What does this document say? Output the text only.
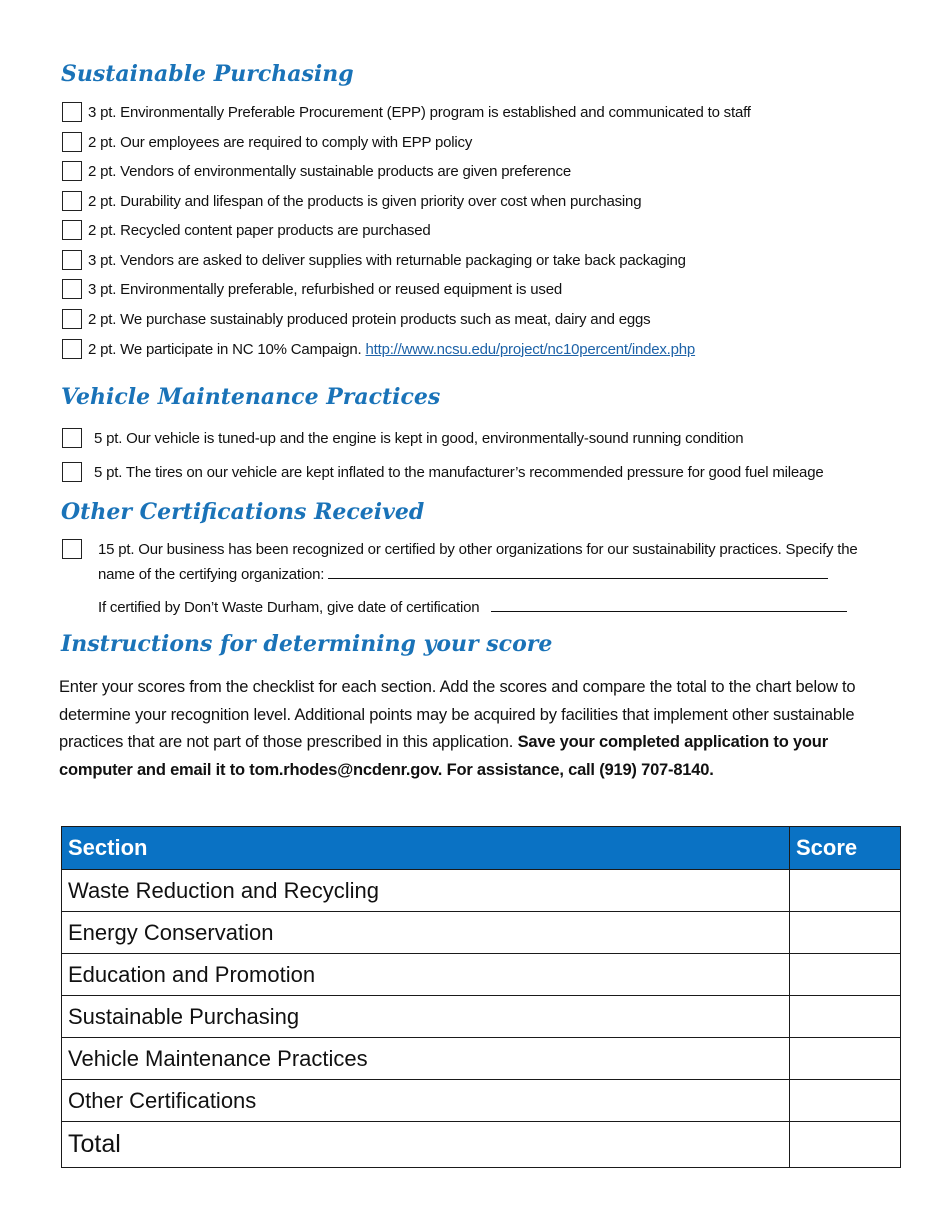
Sustainable Purchasing
3 pt. Environmentally Preferable Procurement (EPP) program is established and communicated to staff
2 pt. Our employees are required to comply with EPP policy
2 pt. Vendors of environmentally sustainable products are given preference
2 pt. Durability and lifespan of the products is given priority over cost when purchasing
2 pt. Recycled content paper products are purchased
3 pt. Vendors are asked to deliver supplies with returnable packaging or take back packaging
3 pt. Environmentally preferable, refurbished or reused equipment is used
2 pt. We purchase sustainably produced protein products such as meat, dairy and eggs
2 pt. We participate in NC 10% Campaign. http://www.ncsu.edu/project/nc10percent/index.php
Vehicle Maintenance Practices
5 pt. Our vehicle is tuned-up and the engine is kept in good, environmentally-sound running condition
5 pt. The tires on our vehicle are kept inflated to the manufacturer’s recommended pressure for good fuel mileage
Other Certifications Received
15 pt. Our business has been recognized or certified by other organizations for our sustainability practices. Specify the name of the certifying organization:
If certified by Don’t Waste Durham, give date of certification
Instructions for determining your score

Enter your scores from the checklist for each section. Add the scores and compare the total to the chart below to determine your recognition level. Additional points may be acquired by facilities that implement other sustainable practices that are not part of those prescribed in this application. Save your completed application to your computer and email it to tom.rhodes@ncdenr.gov. For assistance, call (919) 707-8140.

Section	Score
Waste Reduction and Recycling	
Energy Conservation	
Education and Promotion	
Sustainable Purchasing	
Vehicle Maintenance Practices	
Other Certifications	
Total	
